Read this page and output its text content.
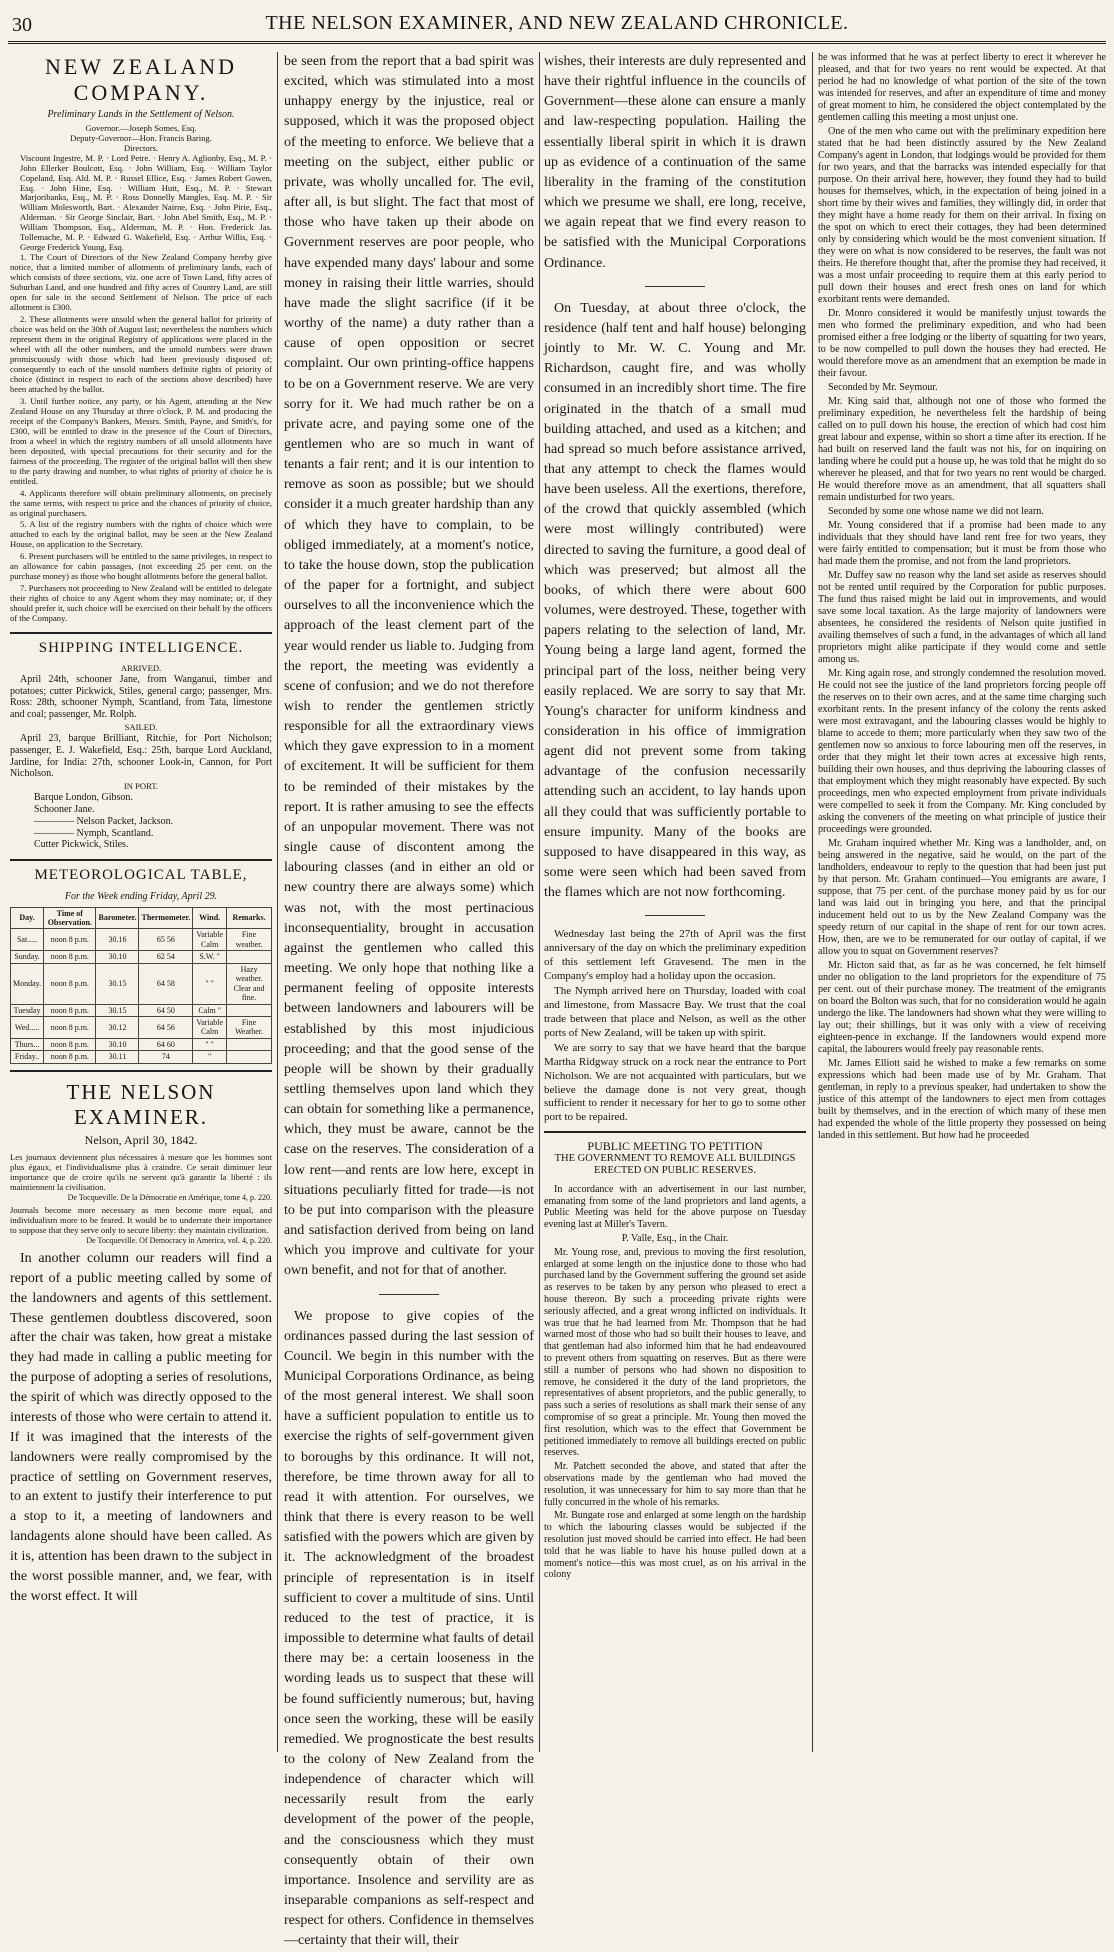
30	THE NELSON EXAMINER, AND NEW ZEALAND CHRONICLE.
NEW ZEALAND COMPANY.
Preliminary Lands in the Settlement of Nelson.
Governor.—Joseph Somes, Esq.
Deputy-Governor—Hon. Francis Baring.
Directors.
Viscount Ingestre, M. P. · Lord Petre. · Henry A. Aglionby, Esq., M. P. · John Ellerker Boulcott, Esq. · John William, Esq. · William Taylor Copeland, Esq. Ald. M. P. · Russel Ellice, Esq. · James Robert Gowen, Esq. · John Hine, Esq. · William Hutt, Esq., M. P. · Stewart Marjoribanks, Esq., M. P. · Ross Donnelly Mangles, Esq. M. P. · Sir William Molesworth, Bart. · Alexander Nairne, Esq. · John Pirie, Esq., Alderman. · Sir George Sinclair, Bart. · John Abel Smith, Esq., M. P. · William Thompson, Esq., Alderman, M. P. · Hon. Frederick Jas. Tollemache, M. P. · Edward G. Wakefield, Esq. · Arthur Willis, Esq. · George Frederick Young, Esq.

1. The Court of Directors of the New Zealand Company hereby give notice, that a limited number of allotments of preliminary lands, each of which consists of three sections, viz. one acre of Town Land, fifty acres of Suburban Land, and one hundred and fifty acres of Country Land, are still open for sale in the second Settlement of Nelson. The price of each allotment is £300.

2. These allotments were unsold when the general ballot for priority of choice was held on the 30th of August last; nevertheless the numbers which represent them in the original Registry of applications were placed in the wheel with all the other numbers, and the unsold numbers were drawn promiscuously with those which had been previously disposed of; consequently to each of the unsold numbers definite rights of priority of choice (distinct in respect to each of the sections above described) have been attached by the ballot.

3. Until further notice, any party, or his Agent, attending at the New Zealand House on any Thursday at three o'clock, P. M. and producing the receipt of the Company's Bankers, Messrs. Smith, Payne, and Smith's, for £300, will be entitled to draw in the presence of the Court of Directors, from a wheel in which the registry numbers of all unsold allotments have been deposited, with special precautions for their security and for the fairness of the proceeding. The register of the original ballot will then shew to the party drawing and number, to what rights of priority of choice he is entitled.

4. Applicants therefore will obtain preliminary allotments, on precisely the same terms, with respect to price and the chances of priority of choice, as original purchasers.

5. A list of the registry numbers with the rights of choice which were attached to each by the original ballot, may be seen at the New Zealand House, on application to the Secretary.

6. Present purchasers will be entitled to the same privileges, in respect to an allowance for cabin passages, (not exceeding 25 per cent. on the purchase money) as those who bought allotments before the general ballot.

7. Purchasers not proceeding to New Zealand will be entitled to delegate their rights of choice to any Agent whom they may nominate; or, if they should prefer it, such choice will be exercised on their behalf by the officers of the Company.

SHIPPING INTELLIGENCE.
ARRIVED.

April 24th, schooner Jane, from Wanganui, timber and potatoes; cutter Pickwick, Stiles, general cargo; passenger, Mrs. Ross: 28th, schooner Nymph, Scantland, from Tata, limestone and coal; passenger, Mr. Rolph.

SAILED.

April 23, barque Brilliant, Ritchie, for Port Nicholson; passenger, E. J. Wakefield, Esq.: 25th, barque Lord Auckland, Jardine, for India: 27th, schooner Look-in, Cannon, for Port Nicholson.

IN PORT.
Barque London, Gibson.
Schooner Jane.
———— Nelson Packet, Jackson.
———— Nymph, Scantland.
Cutter Pickwick, Stiles.
METEOROLOGICAL TABLE,
For the Week ending Friday, April 29.
Day.	Time of Observation.	Barometer.	Thermometer.	Wind.	Remarks.
Sat.....	noon 8 p.m.	30.16	65 56	Variable Calm	Fine weather.
Sunday.	noon 8 p.m.	30.10	62 54	S.W. "	
Monday.	noon 8 p.m.	30.15	64 58	" "	Hazy weather. Clear and fine.
Tuesday	noon 8 p.m.	30.15	64 50	Calm "	
Wed.....	noon 8 p.m.	30.12	64 56	Variable Calm	Fine Weather.
Thurs...	noon 8 p.m.	30.10	64 60	" "	
Friday..	noon 8 p.m.	30.11	74	"	
THE NELSON EXAMINER.
Nelson, April 30, 1842.
Les journaux deviennent plus nécessaires à mesure que les hommes sont plus égaux, et l'individualisme plus à craindre. Ce serait diminuer leur importance que de croire qu'ils ne servent qu'à garantir la liberté : ils maintiennent la civilisation.
De Tocqueville. De la Démocratie en Amérique, tome 4, p. 220.
Journals become more necessary as men become more equal, and individualism more to be feared. It would be to underrate their importance to suppose that they serve only to secure liberty: they maintain civilization.
De Tocqueville. Of Democracy in America, vol. 4, p. 220.

In another column our readers will find a report of a public meeting called by some of the landowners and agents of this settlement. These gentlemen doubtless discovered, soon after the chair was taken, how great a mistake they had made in calling a public meeting for the purpose of adopting a series of resolutions, the spirit of which was directly opposed to the interests of those who were certain to attend it. If it was imagined that the interests of the landowners were really compromised by the practice of settling on Government reserves, to an extent to justify their interference to put a stop to it, a meeting of landowners and landagents alone should have been called. As it is, attention has been drawn to the subject in the worst possible manner, and, we fear, with the worst effect. It will

be seen from the report that a bad spirit was excited, which was stimulated into a most unhappy energy by the injustice, real or supposed, which it was the proposed object of the meeting to enforce. We believe that a meeting on the subject, either public or private, was wholly uncalled for. The evil, after all, is but slight. The fact that most of those who have taken up their abode on Government reserves are poor people, who have expended many days' labour and some money in raising their little warries, should have made the slight sacrifice (if it be worthy of the name) a duty rather than a cause of open opposition or secret complaint. Our own printing-office happens to be on a Government reserve. We are very sorry for it. We had much rather be on a private acre, and paying some one of the gentlemen who are so much in want of tenants a fair rent; and it is our intention to remove as soon as possible; but we should consider it a much greater hardship than any of which they have to complain, to be obliged immediately, at a moment's notice, to take the house down, stop the publication of the paper for a fortnight, and subject ourselves to all the inconvenience which the approach of the least clement part of the year would render us liable to. Judging from the report, the meeting was evidently a scene of confusion; and we do not therefore wish to render the gentlemen strictly responsible for all the extraordinary views which they gave expression to in a moment of excitement. It will be sufficient for them to be reminded of their mistakes by the report. It is rather amusing to see the effects of an unpopular movement. There was not single cause of discontent among the labouring classes (and in either an old or new country there are always some) which was not, with the most pertinacious inconsequentiality, brought in accusation against the gentlemen who called this meeting. We only hope that nothing like a permanent feeling of opposite interests between landowners and labourers will be established by this most injudicious proceeding; and that the good sense of the people will be shown by their gradually settling themselves upon land which they can obtain for something like a permanence, which, they must be aware, cannot be the case on the reserves. The consideration of a low rent—and rents are low here, except in situations peculiarly fitted for trade—is not to be put into comparison with the pleasure and satisfaction derived from being on land which you improve and cultivate for your own benefit, and not for that of another.

We propose to give copies of the ordinances passed during the last session of Council. We begin in this number with the Municipal Corporations Ordinance, as being of the most general interest. We shall soon have a sufficient population to entitle us to exercise the rights of self-government given to boroughs by this ordinance. It will not, therefore, be time thrown away for all to read it with attention. For ourselves, we think that there is every reason to be well satisfied with the powers which are given by it. The acknowledgment of the broadest principle of representation is in itself sufficient to cover a multitude of sins. Until reduced to the test of practice, it is impossible to determine what faults of detail there may be: a certain looseness in the wording leads us to suspect that these will be found sufficiently numerous; but, having once seen the working, these will be easily remedied. We prognosticate the best results to the colony of New Zealand from the independence of character which will necessarily result from the early development of the power of the people, and the consciousness which they must consequently obtain of their own importance. Insolence and servility are as inseparable companions as self-respect and respect for others. Confidence in themselves—certainty that their will, their

wishes, their interests are duly represented and have their rightful influence in the councils of Government—these alone can ensure a manly and law-respecting population. Hailing the essentially liberal spirit in which it is drawn up as evidence of a continuation of the same liberality in the framing of the constitution which we presume we shall, ere long, receive, we again repeat that we find every reason to be satisfied with the Municipal Corporations Ordinance.

On Tuesday, at about three o'clock, the residence (half tent and half house) belonging jointly to Mr. W. C. Young and Mr. Richardson, caught fire, and was wholly consumed in an incredibly short time. The fire originated in the thatch of a small mud building attached, and used as a kitchen; and had spread so much before assistance arrived, that any attempt to check the flames would have been useless. All the exertions, therefore, of the crowd that quickly assembled (which were most willingly contributed) were directed to saving the furniture, a good deal of which was preserved; but almost all the books, of which there were about 600 volumes, were destroyed. These, together with papers relating to the selection of land, Mr. Young being a large land agent, formed the principal part of the loss, neither being very easily replaced. We are sorry to say that Mr. Young's character for uniform kindness and consideration in his office of immigration agent did not prevent some from taking advantage of the confusion necessarily attending such an accident, to lay hands upon all they could that was sufficiently portable to ensure impunity. Many of the books are supposed to have disappeared in this way, as some were seen which had been saved from the flames which are not now forthcoming.

Wednesday last being the 27th of April was the first anniversary of the day on which the preliminary expedition of this settlement left Gravesend. The men in the Company's employ had a holiday upon the occasion.

The Nymph arrived here on Thursday, loaded with coal and limestone, from Massacre Bay. We trust that the coal trade between that place and Nelson, as well as the other ports of New Zealand, will be taken up with spirit.

We are sorry to say that we have heard that the barque Martha Ridgway struck on a rock near the entrance to Port Nicholson. We are not acquainted with particulars, but we believe the damage done is not very great, though sufficient to render it necessary for her to go to some other port to be repaired.

PUBLIC MEETING TO PETITION
THE GOVERNMENT TO REMOVE ALL BUILDINGS ERECTED ON PUBLIC RESERVES.

In accordance with an advertisement in our last number, emanating from some of the land proprietors and land agents, a Public Meeting was held for the above purpose on Tuesday evening last at Miller's Tavern.

P. Valle, Esq., in the Chair.

Mr. Young rose, and, previous to moving the first resolution, enlarged at some length on the injustice done to those who had purchased land by the Government suffering the ground set aside as reserves to be taken by any person who pleased to erect a house thereon. By such a proceeding private rights were seriously affected, and a great wrong inflicted on individuals. It was true that he had learned from Mr. Thompson that he had warned most of those who had so built their houses to leave, and that gentleman had also informed him that he had endeavoured to prevent others from squatting on reserves. But as there were still a number of persons who had shown no disposition to remove, he considered it the duty of the land proprietors, the representatives of absent proprietors, and the public generally, to pass such a series of resolutions as shall mark their sense of any compromise of so great a principle. Mr. Young then moved the first resolution, which was to the effect that Government be petitioned immediately to remove all buildings erected on public reserves.

Mr. Patchett seconded the above, and stated that after the observations made by the gentleman who had moved the resolution, it was unnecessary for him to say more than that he fully concurred in the whole of his remarks.

Mr. Bungate rose and enlarged at some length on the hardship to which the labouring classes would be subjected if the resolution just moved should be carried into effect. He had been told that he was liable to have his house pulled down at a moment's notice—this was most cruel, as on his arrival in the colony

he was informed that he was at perfect liberty to erect it wherever he pleased, and that for two years no rent would be expected. At that period he had no knowledge of what portion of the site of the town was intended for reserves, and after an expenditure of time and money of great moment to him, he considered the object contemplated by the gentlemen calling this meeting a most unjust one.

One of the men who came out with the preliminary expedition here stated that he had been distinctly assured by the New Zealand Company's agent in London, that lodgings would be provided for them for two years, and that the barracks was intended especially for that purpose. On their arrival here, however, they found they had to build houses for themselves, which, in the expectation of being joined in a short time by their wives and families, they willingly did, in order that they might have a home ready for them on their arrival. In fixing on the spot on which to erect their cottages, they had been determined only by considering which would be the most convenient situation. If they were on what is now considered to be reserves, the fault was not theirs. He therefore thought that, after the promise they had received, it was a most unfair proceeding to require them at this early period to pull down their houses and erect fresh ones on land for which exorbitant rents were demanded.

Dr. Monro considered it would be manifestly unjust towards the men who formed the preliminary expedition, and who had been promised either a free lodging or the liberty of squatting for two years, to be now compelled to pull down the houses they had erected. He would therefore move as an amendment that an exemption be made in their favour.

Seconded by Mr. Seymour.

Mr. King said that, although not one of those who formed the preliminary expedition, he nevertheless felt the hardship of being called on to pull down his house, the erection of which had cost him great labour and expense, within so short a time after its erection. If he had built on reserved land the fault was not his, for on inquiring on landing where he could put a house up, he was told that he might do so wherever he pleased, and that for two years no rent would be charged. He would therefore move as an amendment, that all squatters shall remain undisturbed for two years.

Seconded by some one whose name we did not learn.

Mr. Young considered that if a promise had been made to any individuals that they should have land rent free for two years, they were fairly entitled to compensation; but it must be from those who had made them the promise, and not from the land proprietors.

Mr. Duffey saw no reason why the land set aside as reserves should not be rented until required by the Corporation for public purposes. The fund thus raised might be laid out in improvements, and would save some local taxation. As the large majority of landowners were absentees, he considered the residents of Nelson quite justified in availing themselves of such a fund, in the advantages of which all land proprietors might alike participate if they would come and settle among us.

Mr. King again rose, and strongly condemned the resolution moved. He could not see the justice of the land proprietors forcing people off the reserves on to their own acres, and at the same time charging such exorbitant rents. In the present infancy of the colony the rents asked were most extravagant, and the labouring classes would be highly to blame to accede to them; more particularly when they saw two of the gentlemen now so anxious to force labouring men off the reserves, in order that they might let their town acres at excessive high rents, building their own houses, and thus depriving the labouring classes of that employment which they might reasonably have expected. By such proceedings, men who expected employment from private individuals were compelled to seek it from the Company. Mr. King concluded by asking the conveners of the meeting on what principle of justice their proceedings were grounded.

Mr. Graham inquired whether Mr. King was a landholder, and, on being answered in the negative, said he would, on the part of the landholders, endeavour to reply to the question that had been just put by that person. Mr. Graham continued—You emigrants are aware, I suppose, that 75 per cent. of the purchase money paid by us for our land was laid out in bringing you here, and that the principal inducement held out to us by the New Zealand Company was the speedy return of our capital in the shape of rent for our town acres. How, then, are we to be remunerated for our outlay of capital, if we allow you to squat on Government reserves?

Mr. Hicton said that, as far as he was concerned, he felt himself under no obligation to the land proprietors for the expenditure of 75 per cent. out of their purchase money. The treatment of the emigrants on board the Bolton was such, that for no consideration would he again undergo the like. The landowners had shown what they were willing to lay out; their shillings, but it was only with a view of receiving eighteen-pence in exchange. If the landowners would expend more capital, the labourers would freely pay reasonable rents.

Mr. James Elliott said he wished to make a few remarks on some expressions which had been made use of by Mr. Graham. That gentleman, in reply to a previous speaker, had undertaken to show the justice of this attempt of the landowners to eject men from cottages built by themselves, and in the erection of which many of these men had expended the whole of the little property they possessed on being landed in this settlement. But how had he proceeded
